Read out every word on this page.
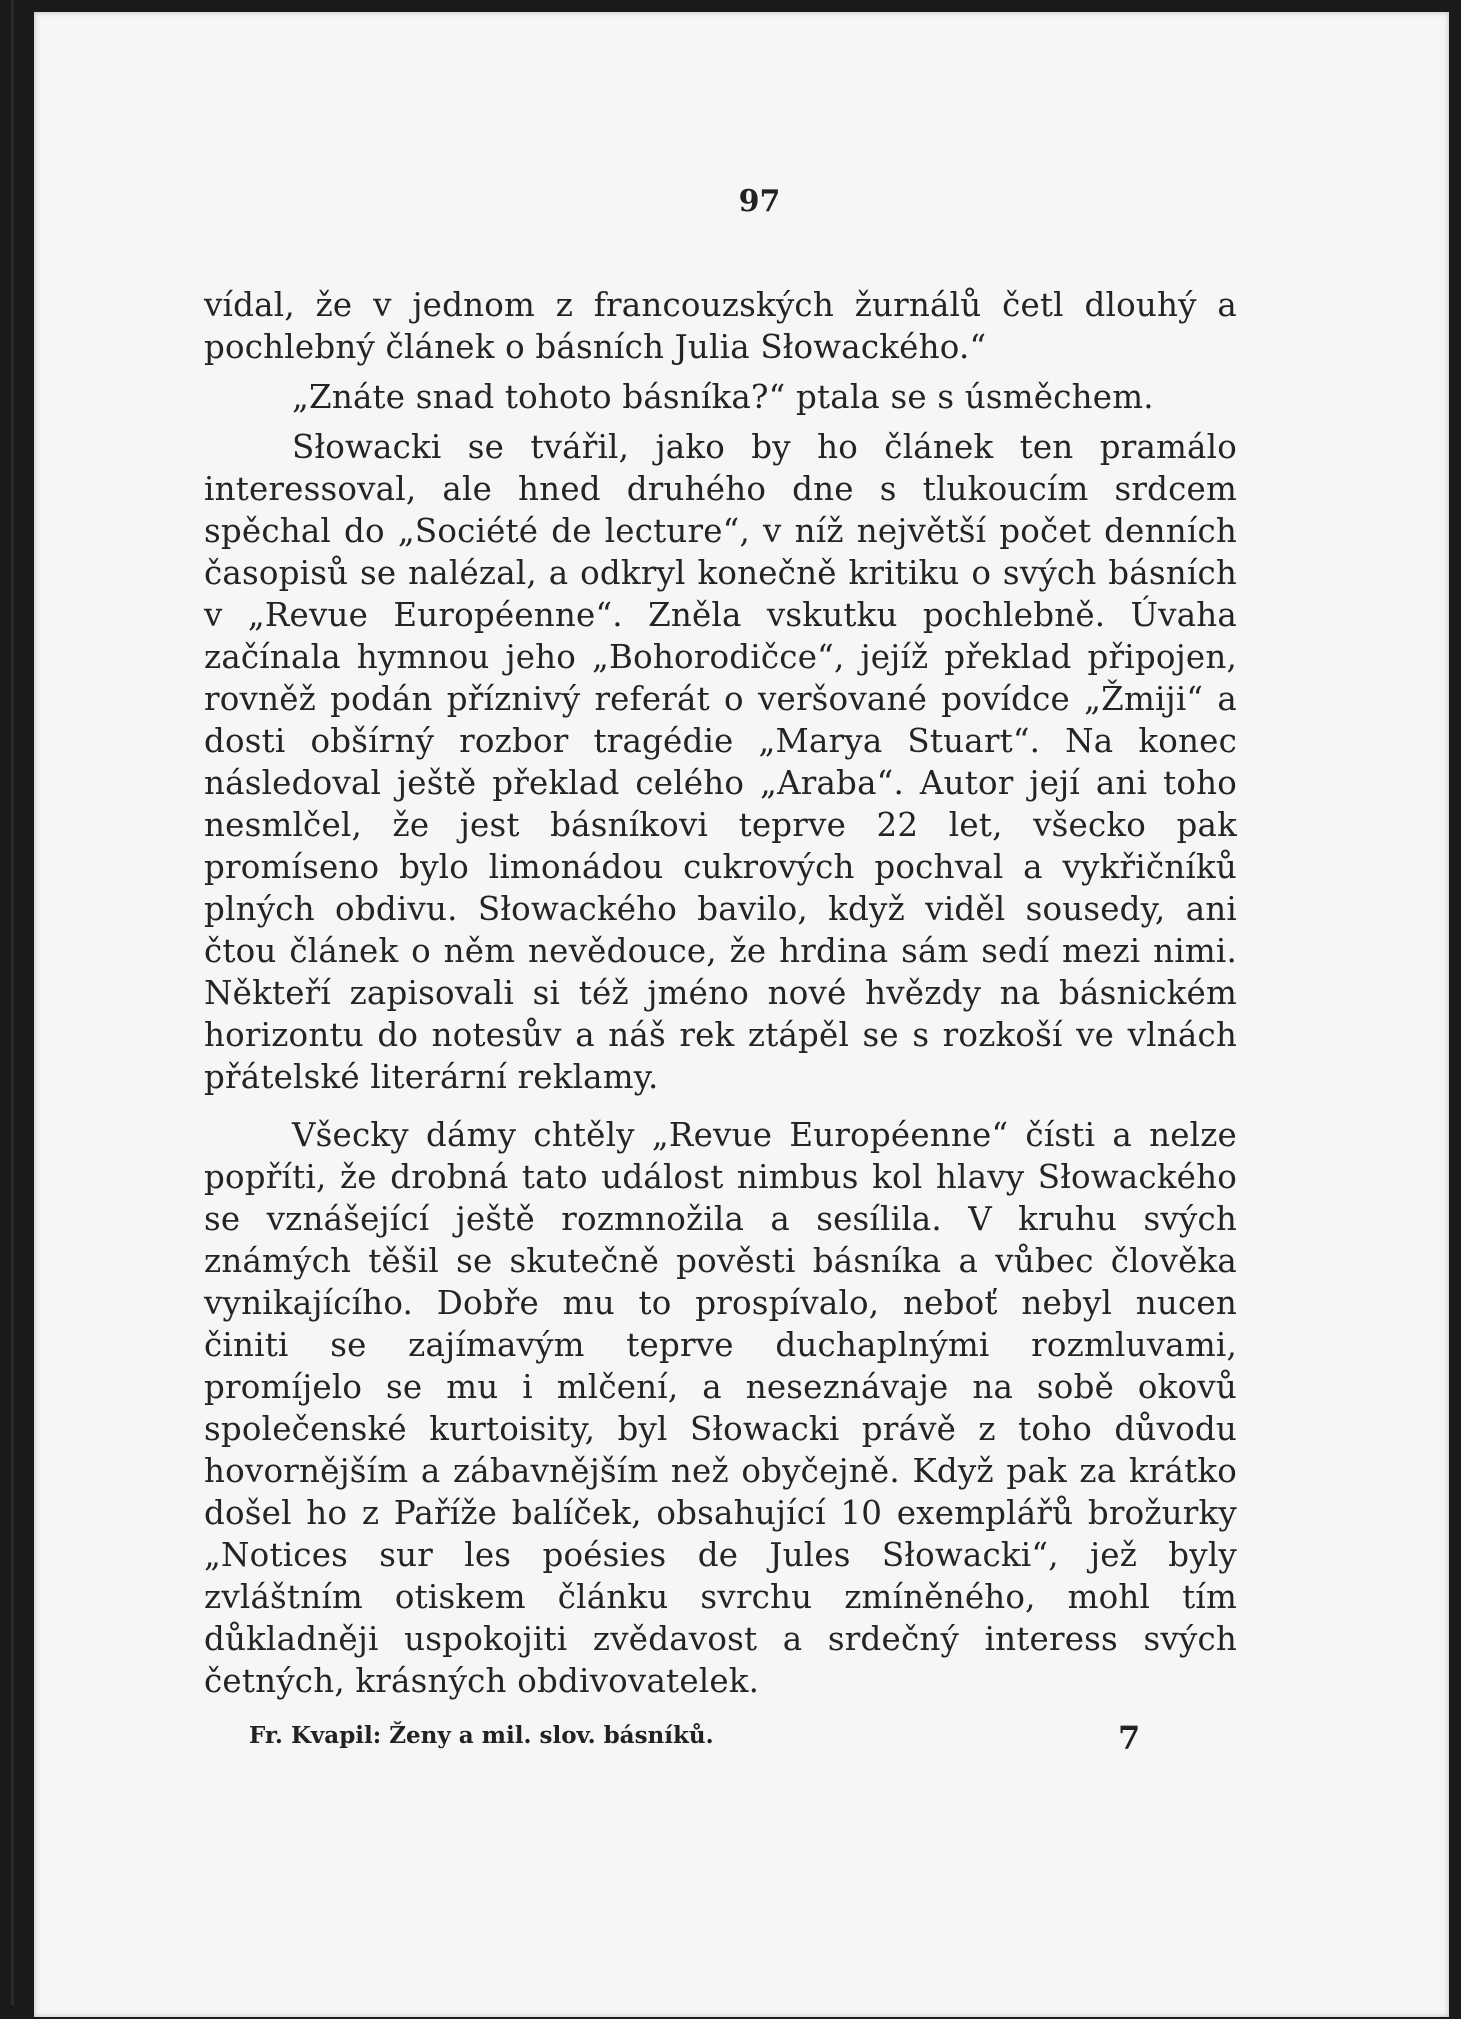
97

vídal, že v jednom z francouzských žurnálů četl dlouhý a pochlebný článek o básních Julia Słowackého.“

„Znáte snad tohoto básníka?“ ptala se s úsměchem.

Słowacki se tvářil, jako by ho článek ten pramálo interessoval, ale hned druhého dne s tlukoucím srdcem spěchal do „Société de lecture“, v níž největší počet denních časopisů se nalézal, a odkryl konečně kritiku o svých básních v „Revue Européenne“. Zněla vskutku pochlebně. Úvaha začínala hymnou jeho „Bohorodičce“, jejíž překlad připojen, rovněž podán příznivý referát o veršované povídce „Žmiji“ a dosti obšírný rozbor tragédie „Marya Stuart“. Na konec následoval ještě překlad celého „Araba“. Autor její ani toho nesmlčel, že jest básníkovi teprve 22 let, všecko pak promíseno bylo limonádou cukrových pochval a vykřičníků plných obdivu. Słowackého bavilo, když viděl sousedy, ani čtou článek o něm nevědouce, že hrdina sám sedí mezi nimi. Někteří zapisovali si též jméno nové hvězdy na básnickém horizontu do notesův a náš rek ztápěl se s rozkoší ve vlnách přátelské literární reklamy.

Všecky dámy chtěly „Revue Européenne“ čísti a nelze popříti, že drobná tato událost nimbus kol hlavy Słowackého se vznášející ještě rozmnožila a sesílila. V kruhu svých známých těšil se skutečně pověsti básníka a vůbec člověka vynikajícího. Dobře mu to prospívalo, neboť nebyl nucen činiti se zajímavým teprve duchaplnými rozmluvami, promíjelo se mu i mlčení, a neseznávaje na sobě okovů společenské kurtoisity, byl Słowacki právě z toho důvodu hovornějším a zábavnějším než obyčejně. Když pak za krátko došel ho z Paříže balíček, obsahující 10 exemplářů brožurky „Notices sur les poésies de Jules Słowacki“, jež byly zvláštním otiskem článku svrchu zmíněného, mohl tím důkladněji uspokojiti zvědavost a srdečný interess svých četných, krásných obdivovatelek.

Fr. Kvapil: Ženy a mil. slov. básníků.	7
